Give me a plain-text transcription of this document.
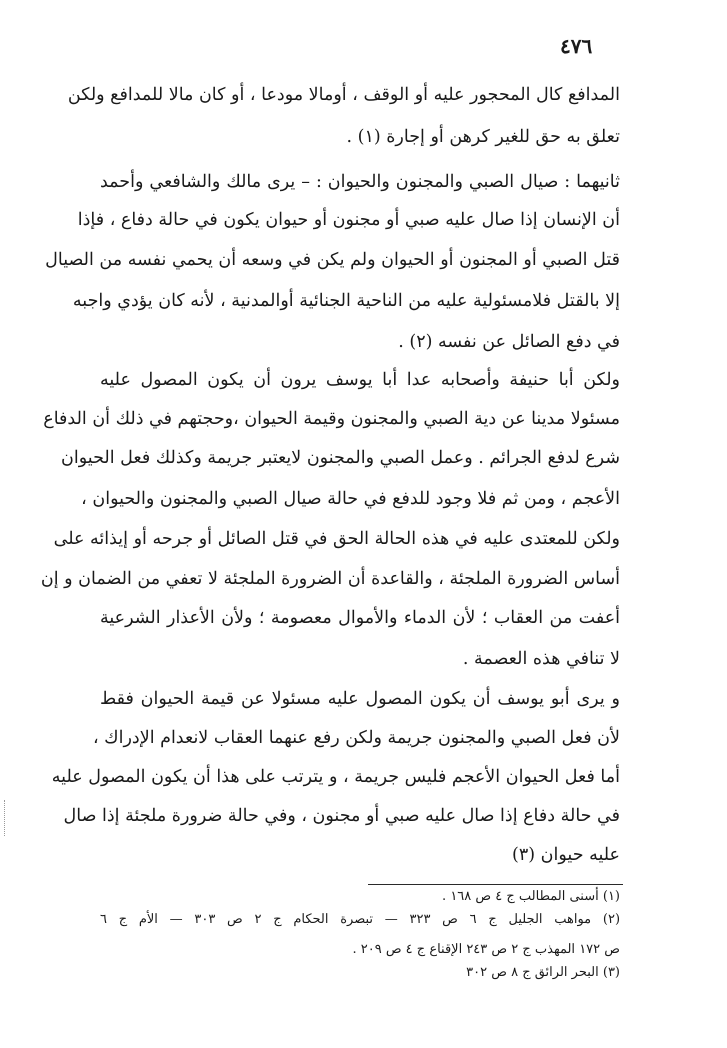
٤٧٦
المدافع كال المحجور عليه أو الوقف ، أومالا مودعا ، أو كان مالا للمدافع ولكن
تعلق به حق للغير كرهن أو إجارة (١) .
ثانيهما : صيال الصبي والمجنون والحيوان : – يرى مالك والشافعي وأحمد
أن الإنسان إذا صال عليه صبي أو مجنون أو حيوان يكون في حالة دفاع ، فإذا
قتل الصبي أو المجنون أو الحيوان ولم يكن في وسعه أن يحمي نفسه من الصيال
إلا بالقتل فلامسئولية عليه من الناحية الجنائية أوالمدنية ، لأنه كان يؤدي واجبه
في دفع الصائل عن نفسه (٢) .
ولكن أبا حنيفة وأصحابه عدا أبا يوسف يرون أن يكون المصول عليه
مسئولا مدينا عن دية الصبي والمجنون وقيمة الحيوان ،وحجتهم في ذلك أن الدفاع
شرع لدفع الجرائم . وعمل الصبي والمجنون لايعتبر جريمة وكذلك فعل الحيوان
الأعجم ، ومن ثم فلا وجود للدفع في حالة صيال الصبي والمجنون والحيوان ،
ولكن للمعتدى عليه في هذه الحالة الحق في قتل الصائل أو جرحه أو إيذائه على
أساس الضرورة الملجئة ، والقاعدة أن الضرورة الملجئة لا تعفي من الضمان و إن
أعفت من العقاب ؛ لأن الدماء والأموال معصومة ؛ ولأن الأعذار الشرعية
لا تنافي هذه العصمة .
و يرى أبو يوسف أن يكون المصول عليه مسئولا عن قيمة الحيوان فقط
لأن فعل الصبي والمجنون جريمة ولكن رفع عنهما العقاب لانعدام الإدراك ،
أما فعل الحيوان الأعجم فليس جريمة ، و يترتب على هذا أن يكون المصول عليه
في حالة دفاع إذا صال عليه صبي أو مجنون ، وفي حالة ضرورة ملجئة إذا صال
عليه حيوان (٣)
(١) أسنى المطالب ج ٤ ص ١٦٨ .
(٢) مواهب الجليل ج ٦ ص ٣٢٣ — تبصرة الحكام ج ٢ ص ٣٠٣ — الأم ج ٦
ص ١٧٢ المهذب ج ٢ ص ٢٤٣ الإقناع ج ٤ ص ٢٠٩ .
(٣) البحر الرائق ج ٨ ص ٣٠٢
